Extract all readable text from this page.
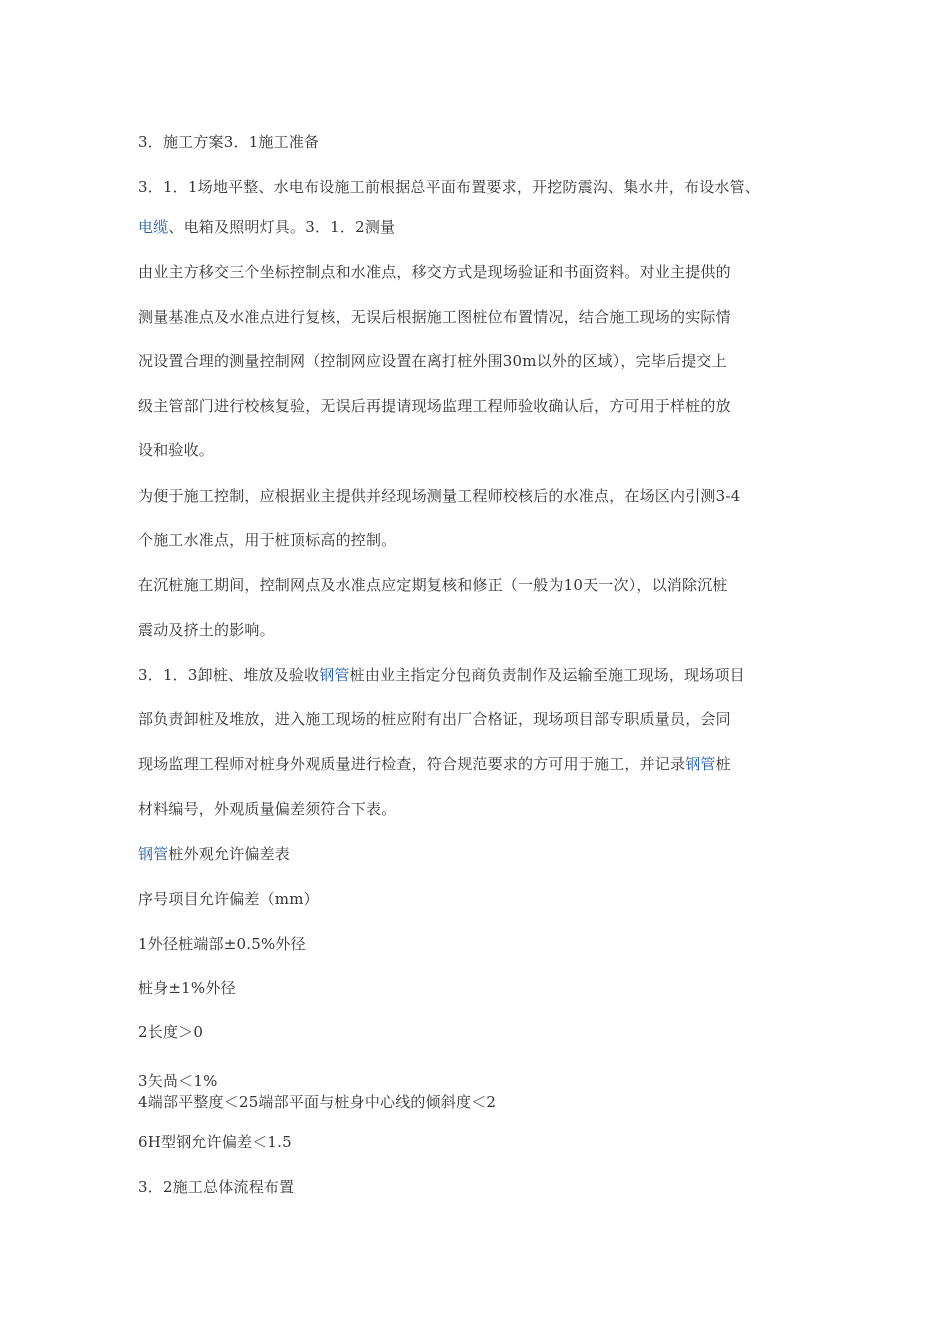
3．施工方案3．1施工准备
3．1．1场地平整、水电布设施工前根据总平面布置要求，开挖防震沟、集水井，布设水管、
电缆、电箱及照明灯具。3．1．2测量
由业主方移交三个坐标控制点和水准点，移交方式是现场验证和书面资料。对业主提供的
测量基准点及水准点进行复核，无误后根据施工图桩位布置情况，结合施工现场的实际情
况设置合理的测量控制网（控制网应设置在离打桩外围30m以外的区域），完毕后提交上
级主管部门进行校核复验，无误后再提请现场监理工程师验收确认后，方可用于样桩的放
设和验收。
为便于施工控制，应根据业主提供并经现场测量工程师校核后的水准点，在场区内引测3-4
个施工水准点，用于桩顶标高的控制。
在沉桩施工期间，控制网点及水准点应定期复核和修正（一般为10天一次），以消除沉桩
震动及挤土的影响。
3．1．3卸桩、堆放及验收钢管桩由业主指定分包商负责制作及运输至施工现场，现场项目
部负责卸桩及堆放，进入施工现场的桩应附有出厂合格证，现场项目部专职质量员，会同
现场监理工程师对桩身外观质量进行检查，符合规范要求的方可用于施工，并记录钢管桩
材料编号，外观质量偏差须符合下表。
钢管桩外观允许偏差表
序号项目允许偏差（mm）
1外径桩端部±0.5%外径
桩身±1%外径
2长度＞0
3矢咼＜1%
4端部平整度＜25端部平面与桩身中心线的倾斜度＜2
6H型钢允许偏差＜1.5
3．2施工总体流程布置
